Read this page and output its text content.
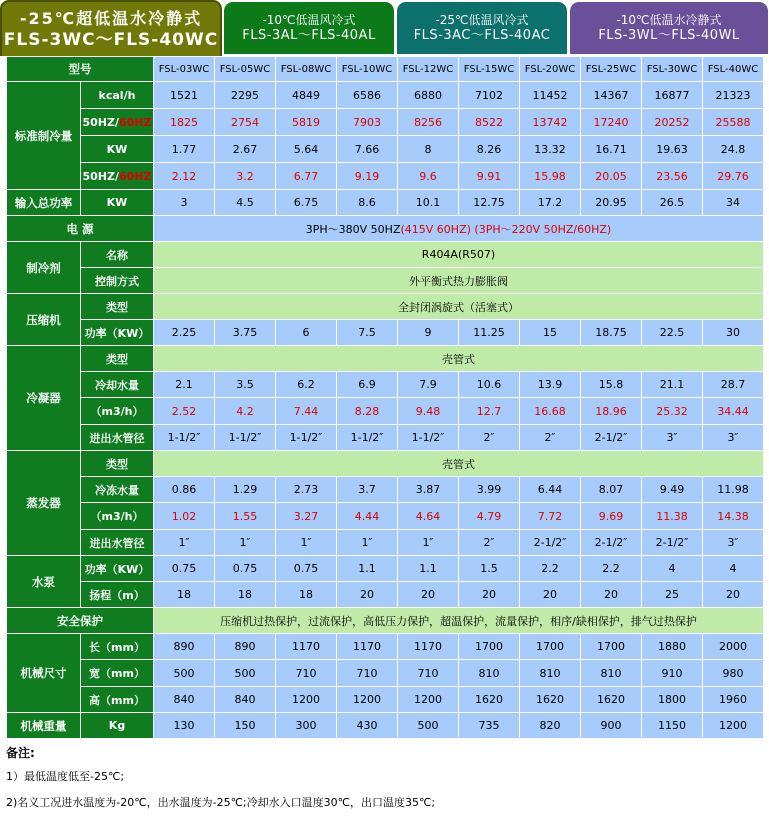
-25℃超低温水冷静式
FLS-3WC～FLS-40WC
-10℃低温风冷式
FLS-3AL～FLS-40AL
-25℃低温风冷式
FLS-3AC～FLS-40AC
-10℃低温水冷静式
FLS-3WL～FLS-40WL
型号		FSL-03WC	FSL-05WC	FSL-08WC	FSL-10WC	FSL-12WC	FSL-15WC	FSL-20WC	FSL-25WC	FSL-30WC	FSL-40WC
标准制冷量	kcal/h	1521	2295	4849	6586	6880	7102	11452	14367	16877	21323
	50HZ/60HZ	1825	2754	5819	7903	8256	8522	13742	17240	20252	25588
	KW	1.77	2.67	5.64	7.66	8	8.26	13.32	16.71	19.63	24.8
	50HZ/60HZ	2.12	3.2	6.77	9.19	9.6	9.91	15.98	20.05	23.56	29.76
输入总功率	KW	3	4.5	6.75	8.6	10.1	12.75	17.2	20.95	26.5	34
电 源		3PH～380V 50HZ(415V 60HZ) (3PH～220V 50HZ/60HZ)									
制冷剂	名称	R404A(R507)									
	控制方式	外平衡式热力膨胀阀									
压缩机	类型	全封闭涡旋式（活塞式）									
	功率（KW）	2.25	3.75	6	7.5	9	11.25	15	18.75	22.5	30
冷凝器	类型	壳管式									
	冷却水量	2.1	3.5	6.2	6.9	7.9	10.6	13.9	15.8	21.1	28.7
	（m3/h）	2.52	4.2	7.44	8.28	9.48	12.7	16.68	18.96	25.32	34.44
	进出水管径	1-1/2″	1-1/2″	1-1/2″	1-1/2″	1-1/2″	2″	2″	2-1/2″	3″	3″
蒸发器	类型	壳管式									
	冷冻水量	0.86	1.29	2.73	3.7	3.87	3.99	6.44	8.07	9.49	11.98
	（m3/h）	1.02	1.55	3.27	4.44	4.64	4.79	7.72	9.69	11.38	14.38
	进出水管径	1″	1″	1″	1″	1″	2″	2-1/2″	2-1/2″	2-1/2″	3″
水泵	功率（KW）	0.75	0.75	0.75	1.1	1.1	1.5	2.2	2.2	4	4
	扬程（m）	18	18	18	20	20	20	20	20	25	20
安全保护		压缩机过热保护，过流保护，高低压力保护，超温保护，流量保护，相序/缺相保护，排气过热保护									
机械尺寸	长（mm）	890	890	1170	1170	1170	1700	1700	1700	1880	2000
	宽（mm）	500	500	710	710	710	810	810	810	910	980
	高（mm）	840	840	1200	1200	1200	1620	1620	1620	1800	1960
机械重量	Kg	130	150	300	430	500	735	820	900	1150	1200
备注:
1）最低温度低至-25℃;
2)名义工况进水温度为-20℃，出水温度为-25℃;冷却水入口温度30℃，出口温度35℃;
